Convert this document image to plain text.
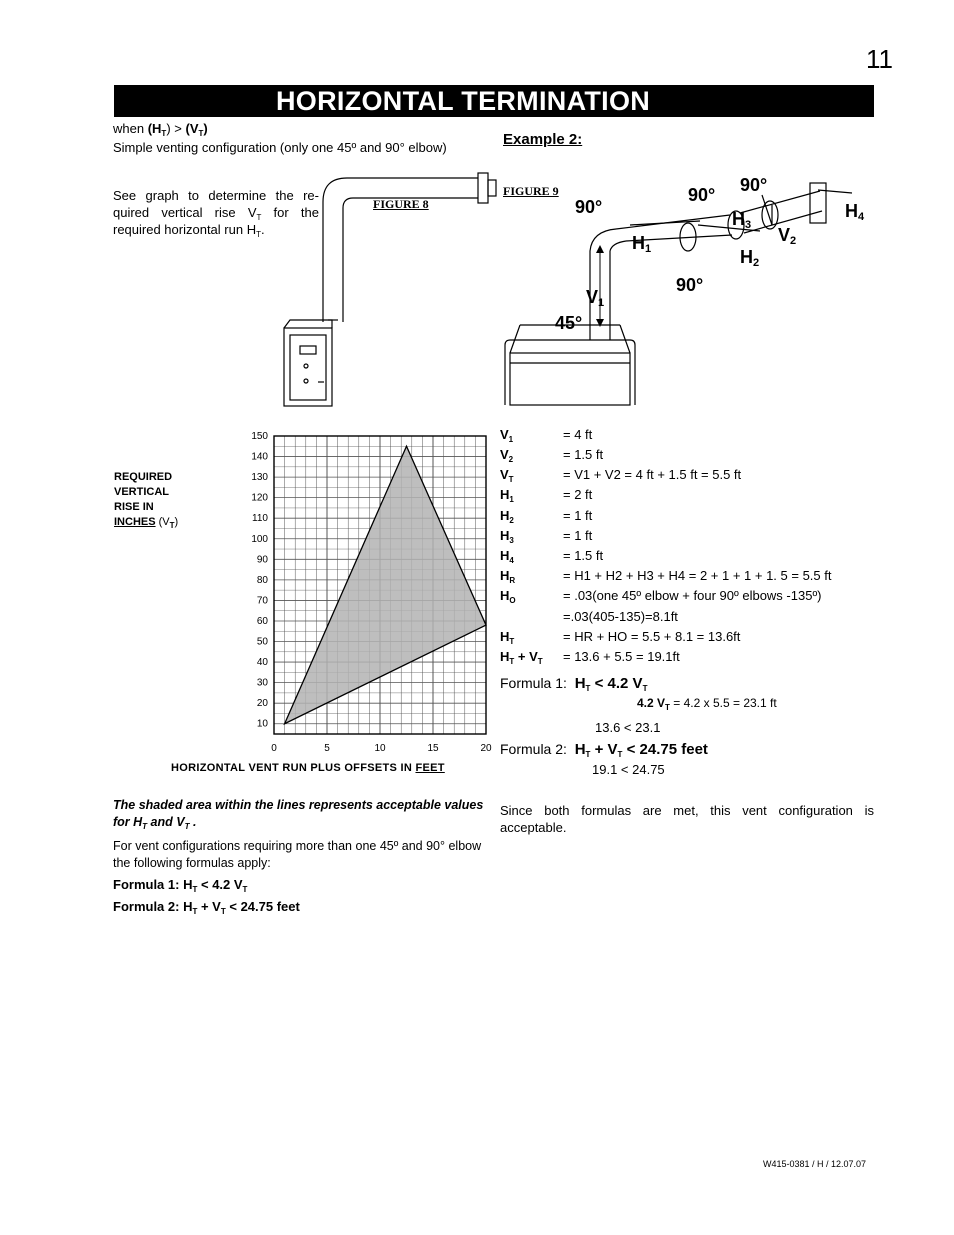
11
HORIZONTAL TERMINATION
when $(H_T) > (V_T)$
Simple venting configuration (only one 45º and 90° elbow)
See graph to determine the re-
quired vertical rise $V_T$ for the
required horizontal run $H_T$.
FIGURE 8
Example 2:
FIGURE 9	90°
90°
90°
90°
45°
$H_4$
$H_3$ $V_2$
$H_1$	$H_2$
$V_1$
REQUIRED
VERTICAL
RISE IN
INCHES $(V_T)$
10
20
30
40
50
60
70
80
90
100
110
120
130
140
150
0	5	10	15	20
HORIZONTAL VENT RUN PLUS OFFSETS IN FEET
$V_1$	= 4 ft
$V_2$	= 1.5 ft
$V_T$	= V1 + V2 = 4 ft + 1.5 ft = 5.5 ft
$H_1$	= 2 ft
$H_2$	= 1 ft
$H_3$	= 1 ft
$H_4$	= 1.5 ft
$H_R$	= H1 + H2 + H3 + H4 = 2 + 1 + 1 + 1. 5 = 5.5 ft
$H_O$	= .03(one 45º elbow + four 90º elbows -135º)
=.03(405-135)=8.1ft
$H_T$	= HR + HO = 5.5 + 8.1 = 13.6ft
$H_T + V_T = 13.6 + 5.5 = 19.1ft$
Formula 1: $H_T < 4.2$ $V_T$
4.2 $V_T = 4.2$ x 5.5 = 23.1 ft
13.6 < 23.1
Formula 2: $H_T + V_T < 24.75$ feet
19.1 < 24.75
Since both formulas are met, this vent configuration is acceptable.
The shaded area within the lines represents acceptable values for $H_T$ and $V_T$ .
For vent configurations requiring more than one 45º and 90° elbow the following formulas apply:
Formula 1: $H_T < 4.2$ $V_T$
Formula 2: $H_T + V_T < 24.75$ feet
W415-0381 / H / 12.07.07
